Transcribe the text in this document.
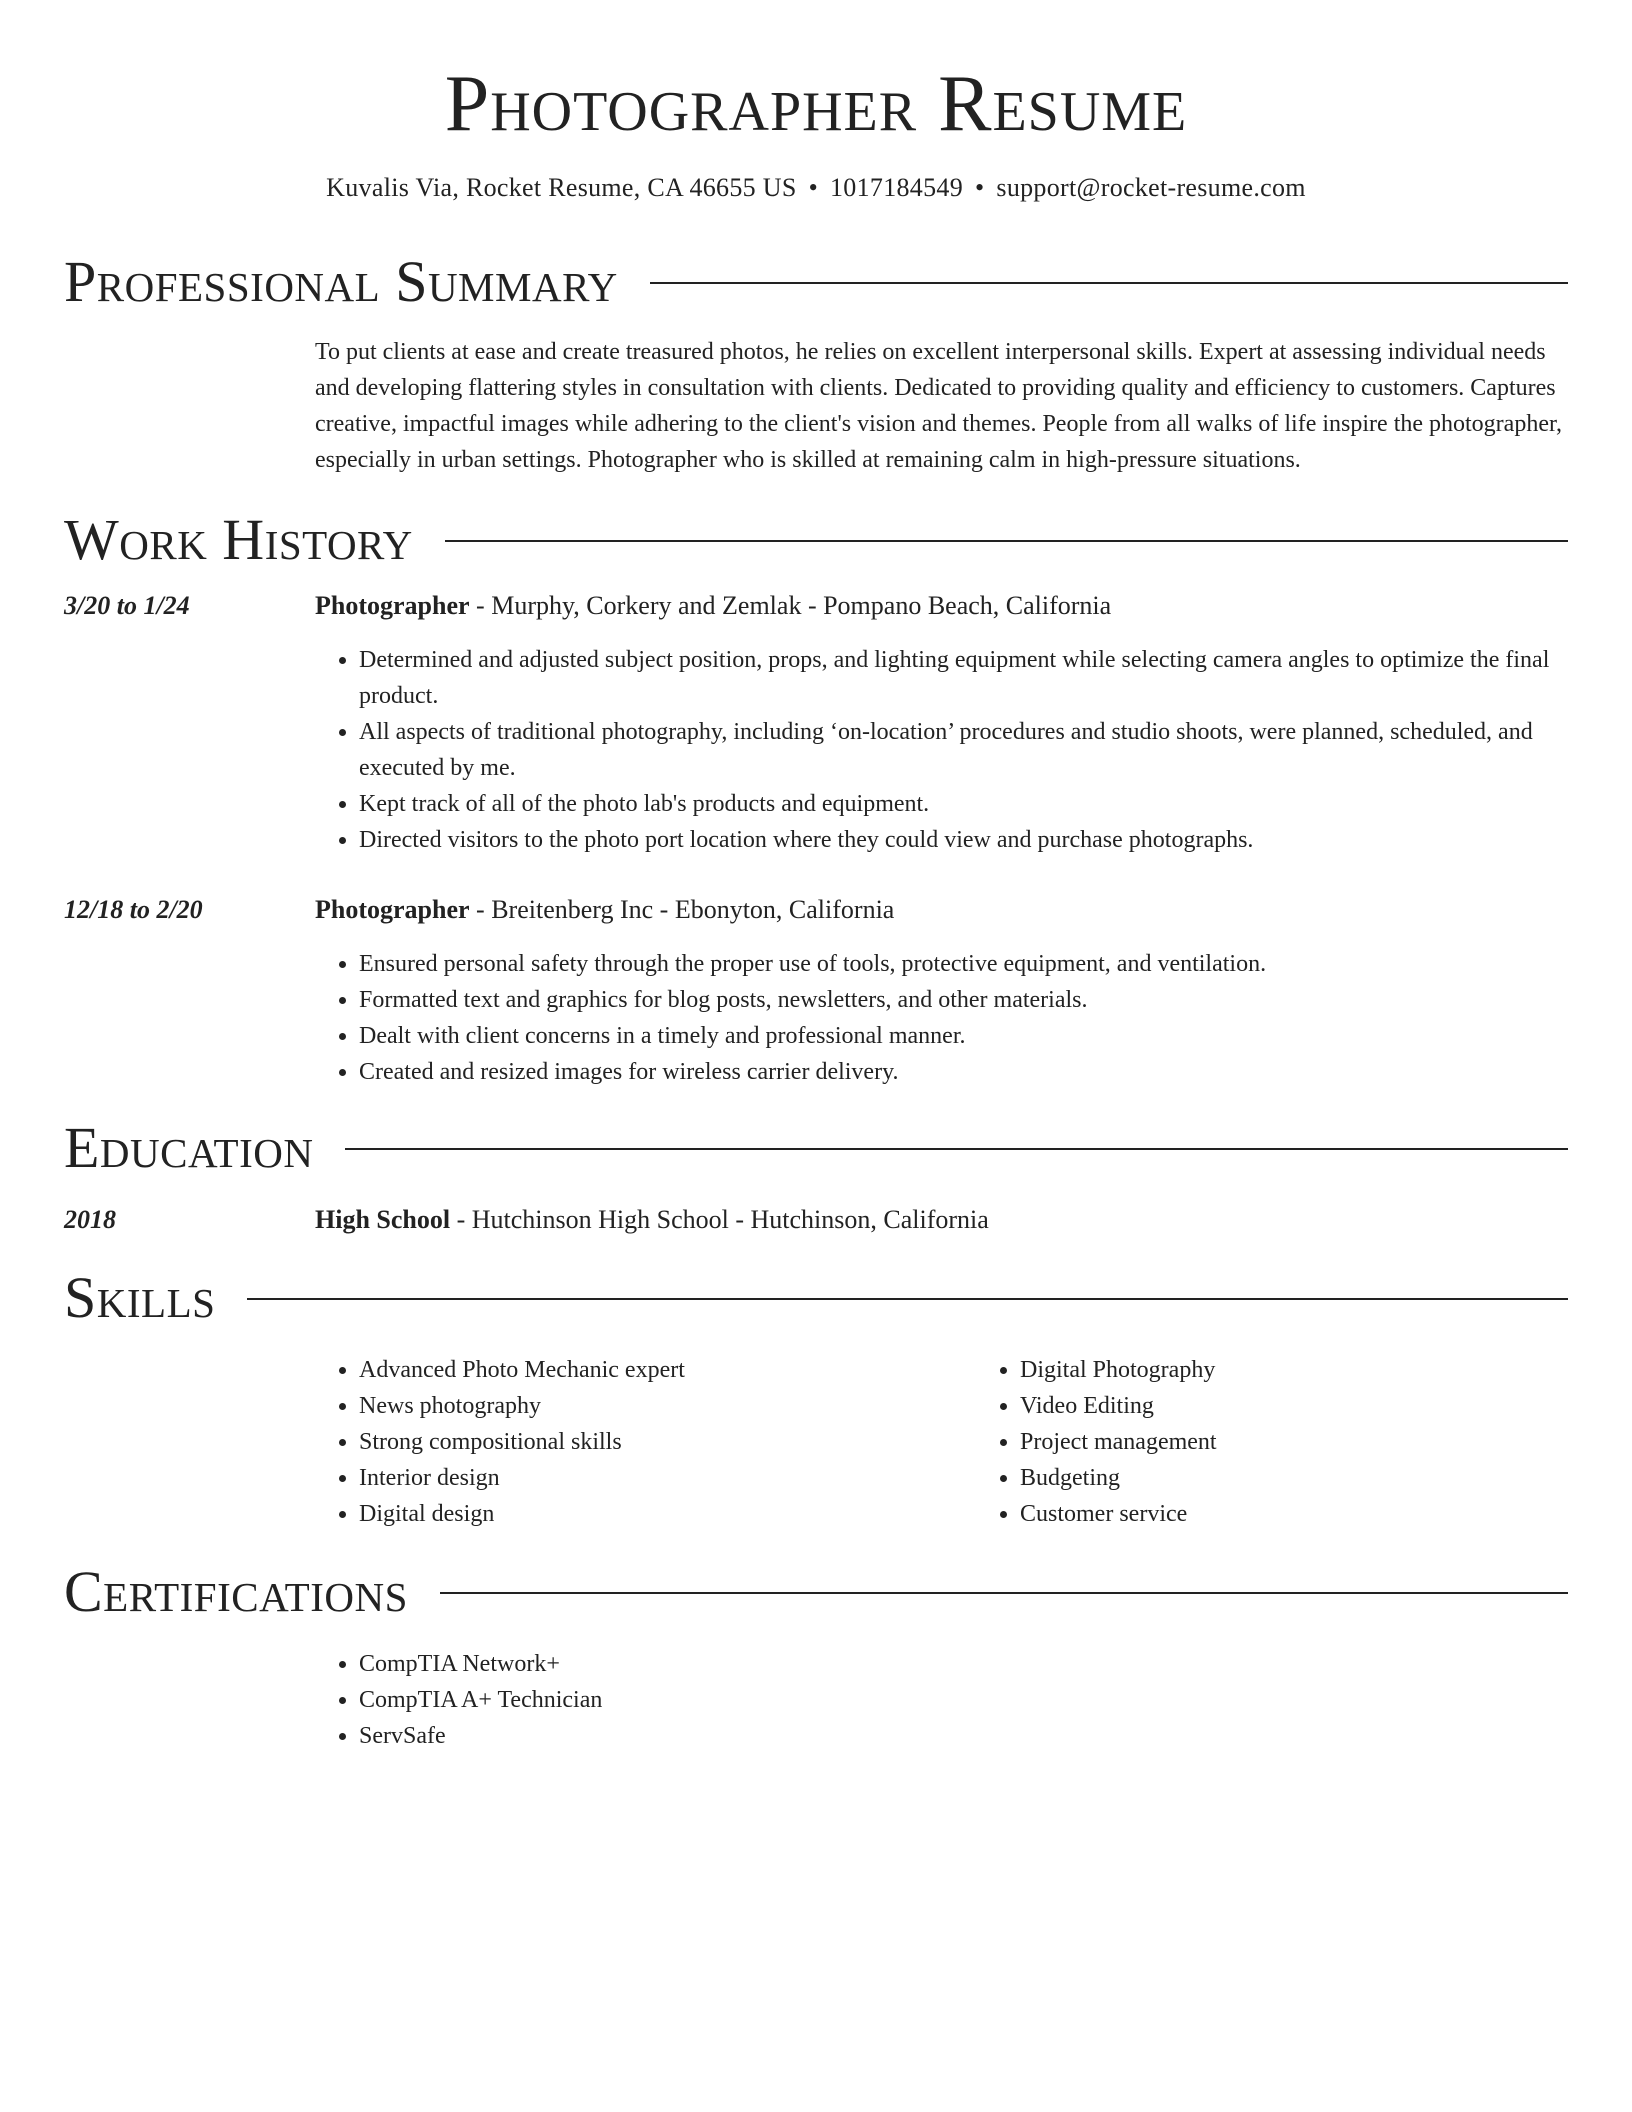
Photographer Resume
Kuvalis Via, Rocket Resume, CA 46655 US • 1017184549 • support@rocket-resume.com
Professional Summary
To put clients at ease and create treasured photos, he relies on excellent interpersonal skills. Expert at assessing individual needs and developing flattering styles in consultation with clients. Dedicated to providing quality and efficiency to customers. Captures creative, impactful images while adhering to the client's vision and themes. People from all walks of life inspire the photographer, especially in urban settings. Photographer who is skilled at remaining calm in high-pressure situations.
Work History
3/20 to 1/24	Photographer - Murphy, Corkery and Zemlak - Pompano Beach, California
• Determined and adjusted subject position, props, and lighting equipment while selecting camera angles to optimize the final product.
• All aspects of traditional photography, including ‘on-location’ procedures and studio shoots, were planned, scheduled, and executed by me.
• Kept track of all of the photo lab's products and equipment.
• Directed visitors to the photo port location where they could view and purchase photographs.
12/18 to 2/20	Photographer - Breitenberg Inc - Ebonyton, California
• Ensured personal safety through the proper use of tools, protective equipment, and ventilation.
• Formatted text and graphics for blog posts, newsletters, and other materials.
• Dealt with client concerns in a timely and professional manner.
• Created and resized images for wireless carrier delivery.
Education
2018	High School - Hutchinson High School - Hutchinson, California
Skills
• Advanced Photo Mechanic expert
• News photography
• Strong compositional skills
• Interior design
• Digital design
• Digital Photography
• Video Editing
• Project management
• Budgeting
• Customer service
Certifications
• CompTIA Network+
• CompTIA A+ Technician
• ServSafe
